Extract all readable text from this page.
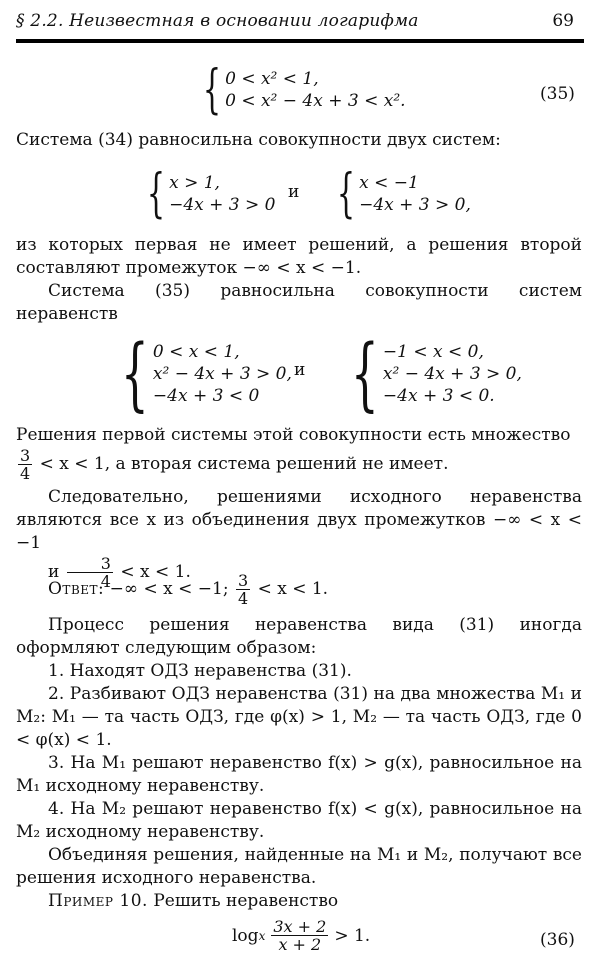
§ 2.2. Неизвестная в основании логарифма	69
{ 0 < x² < 1,
0 < x² − 4x + 3 < x².	(35)
Система (34) равносильна совокупности двух систем:
{ x > 1,
−4x + 3 > 0
и { x < −1
−4x + 3 > 0,
из которых первая не имеет решений, а решения второй составляют промежуток −∞ < x < −1.
Система (35) равносильна совокупности систем неравенств
{ 0 < x < 1,
x² − 4x + 3 > 0,
−4x + 3 < 0
и { −1 < x < 0,
x² − 4x + 3 > 0,
−4x + 3 < 0.
Решения первой системы этой совокупности есть множество
$\frac{3}{4} < x < 1$, а вторая система решений не имеет.
Следовательно, решениями исходного неравенства являются все x из объединения двух промежутков −∞ < x < −1
и $\frac{3}{4} < x < 1$.
Ответ: −∞ < x < −1; $\frac{3}{4} < x < 1$.
Процесс решения неравенства вида (31) иногда оформляют следующим образом:
1. Находят ОДЗ неравенства (31).
2. Разбивают ОДЗ неравенства (31) на два множества M₁ и M₂: M₁ — та часть ОДЗ, где φ(x) > 1, M₂ — та часть ОДЗ, где 0 < φ(x) < 1.
3. На M₁ решают неравенство f(x) > g(x), равносильное на M₁ исходному неравенству.
4. На M₂ решают неравенство f(x) < g(x), равносильное на M₂ исходному неравенству.
Объединяя решения, найденные на M₁ и M₂, получают все решения исходного неравенства.
Пример 10. Решить неравенство
log x $\frac{3x + 2}{x + 2} > 1$.	(36)
